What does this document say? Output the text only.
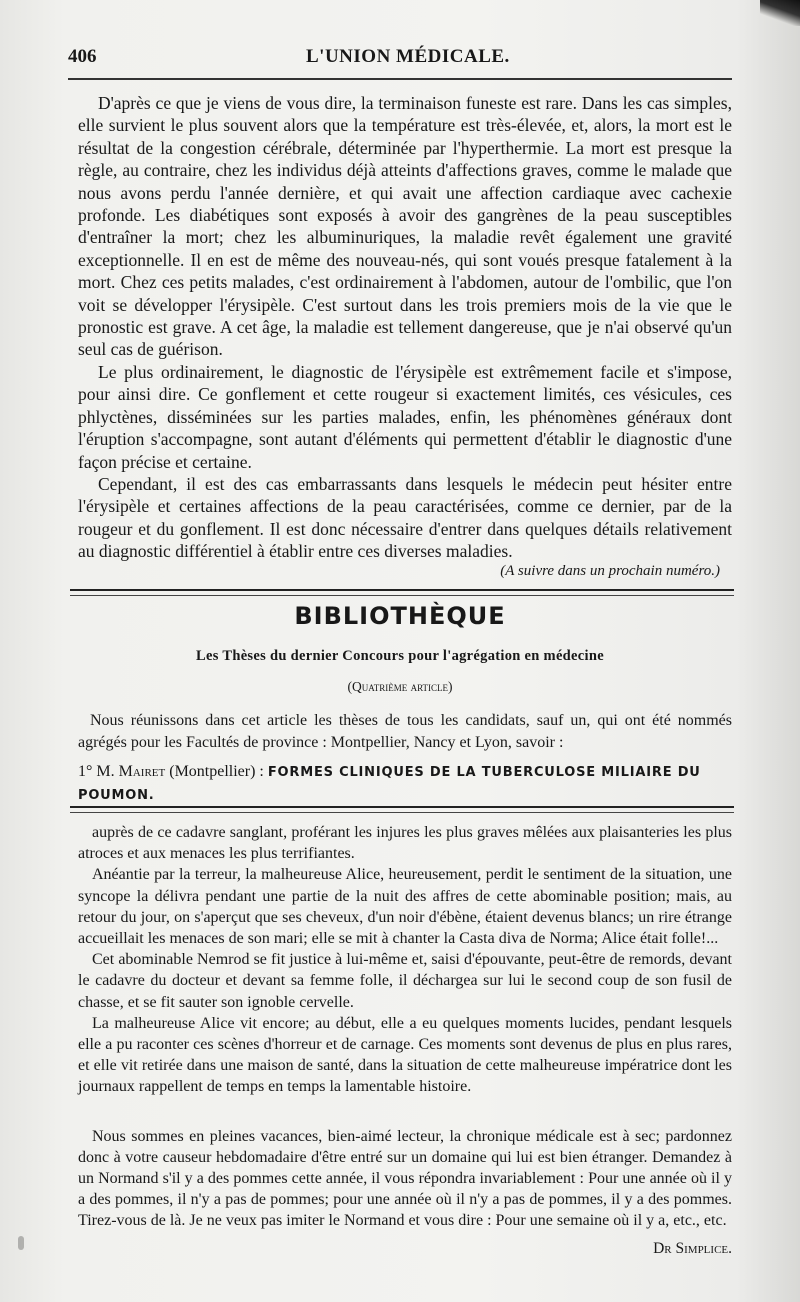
406	L'UNION MÉDICALE.

D'après ce que je viens de vous dire, la terminaison funeste est rare. Dans les cas simples, elle survient le plus souvent alors que la température est très-élevée, et, alors, la mort est le résultat de la congestion cérébrale, déterminée par l'hyperthermie. La mort est presque la règle, au contraire, chez les individus déjà atteints d'affections graves, comme le malade que nous avons perdu l'année dernière, et qui avait une affection cardiaque avec cachexie profonde. Les diabétiques sont exposés à avoir des gangrènes de la peau susceptibles d'entraîner la mort; chez les albuminuriques, la maladie revêt également une gravité exceptionnelle. Il en est de même des nouveau-nés, qui sont voués presque fatalement à la mort. Chez ces petits malades, c'est ordinairement à l'abdomen, autour de l'ombilic, que l'on voit se développer l'érysipèle. C'est surtout dans les trois premiers mois de la vie que le pronostic est grave. A cet âge, la maladie est tellement dangereuse, que je n'ai observé qu'un seul cas de guérison.

Le plus ordinairement, le diagnostic de l'érysipèle est extrêmement facile et s'impose, pour ainsi dire. Ce gonflement et cette rougeur si exactement limités, ces vésicules, ces phlyctènes, disséminées sur les parties malades, enfin, les phénomènes généraux dont l'éruption s'accompagne, sont autant d'éléments qui permettent d'établir le diagnostic d'une façon précise et certaine.

Cependant, il est des cas embarrassants dans lesquels le médecin peut hésiter entre l'érysipèle et certaines affections de la peau caractérisées, comme ce dernier, par de la rougeur et du gonflement. Il est donc nécessaire d'entrer dans quelques détails relativement au diagnostic différentiel à établir entre ces diverses maladies.

(A suivre dans un prochain numéro.)
BIBLIOTHÈQUE
Les Thèses du dernier Concours pour l'agrégation en médecine
(Quatrième article)

Nous réunissons dans cet article les thèses de tous les candidats, sauf un, qui ont été nommés agrégés pour les Facultés de province : Montpellier, Nancy et Lyon, savoir :

1° M. Mairet (Montpellier) : FORMES CLINIQUES DE LA TUBERCULOSE MILIAIRE DU POUMON.

auprès de ce cadavre sanglant, proférant les injures les plus graves mêlées aux plaisanteries les plus atroces et aux menaces les plus terrifiantes.

Anéantie par la terreur, la malheureuse Alice, heureusement, perdit le sentiment de la situation, une syncope la délivra pendant une partie de la nuit des affres de cette abominable position; mais, au retour du jour, on s'aperçut que ses cheveux, d'un noir d'ébène, étaient devenus blancs; un rire étrange accueillait les menaces de son mari; elle se mit à chanter la Casta diva de Norma; Alice était folle!...

Cet abominable Nemrod se fit justice à lui-même et, saisi d'épouvante, peut-être de remords, devant le cadavre du docteur et devant sa femme folle, il déchargea sur lui le second coup de son fusil de chasse, et se fit sauter son ignoble cervelle.

La malheureuse Alice vit encore; au début, elle a eu quelques moments lucides, pendant lesquels elle a pu raconter ces scènes d'horreur et de carnage. Ces moments sont devenus de plus en plus rares, et elle vit retirée dans une maison de santé, dans la situation de cette malheureuse impératrice dont les journaux rappellent de temps en temps la lamentable histoire.

Nous sommes en pleines vacances, bien-aimé lecteur, la chronique médicale est à sec; pardonnez donc à votre causeur hebdomadaire d'être entré sur un domaine qui lui est bien étranger. Demandez à un Normand s'il y a des pommes cette année, il vous répondra invariablement : Pour une année où il y a des pommes, il n'y a pas de pommes; pour une année où il n'y a pas de pommes, il y a des pommes. Tirez-vous de là. Je ne veux pas imiter le Normand et vous dire : Pour une semaine où il y a, etc., etc.

Dr Simplice.
